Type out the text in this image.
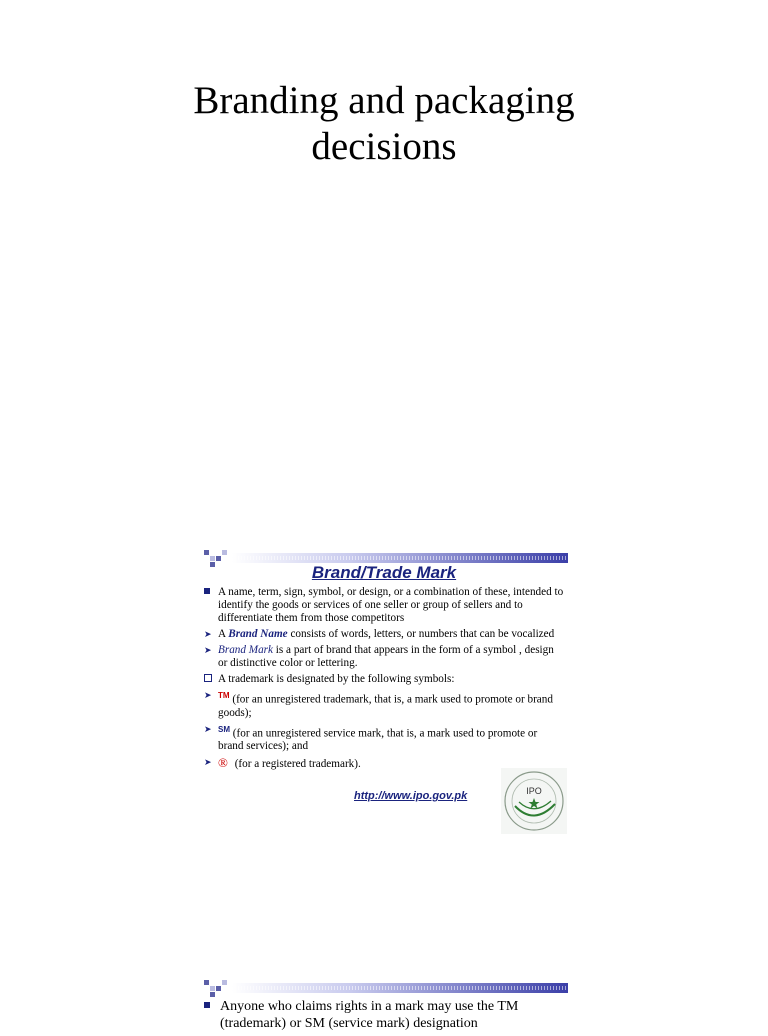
Branding and packaging
decisions
Brand/Trade Mark
A name, term, sign, symbol, or design, or a combination of these, intended to identify the goods or services of one seller or group of sellers and to differentiate them from those competitors
➤ A Brand Name consists of words, letters, or numbers that can be vocalized
➤ Brand Mark is a part of brand that appears in the form of a symbol , design or distinctive color or lettering.
A trademark is designated by the following symbols:
➤ ™ (for an unregistered trademark, that is, a mark used to promote or brand goods);
➤ ℠ (for an unregistered service mark, that is, a mark used to promote or brand services); and
➤ ® (for a registered trademark).
http://www.ipo.gov.pk	IPO
Anyone who claims rights in a mark may use the TM (trademark) or SM (service mark) designation
